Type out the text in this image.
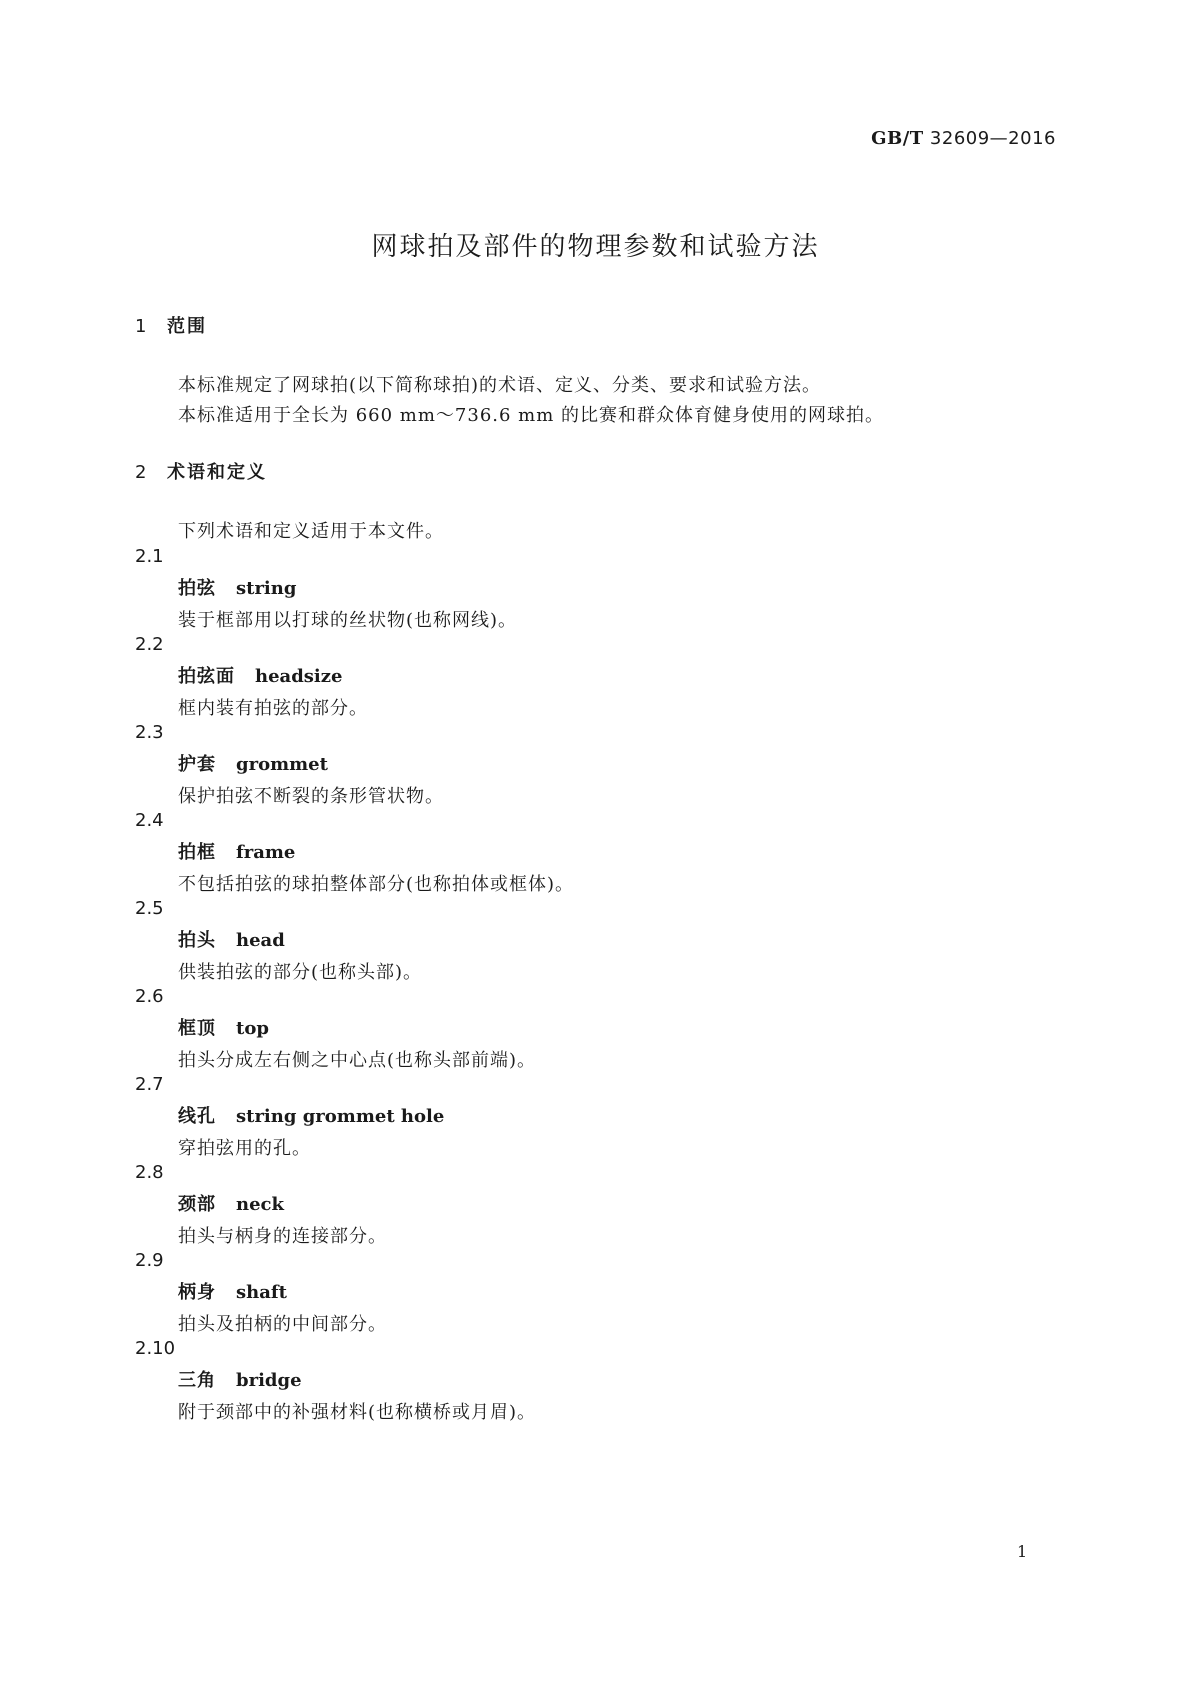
GB/T 32609—2016
网球拍及部件的物理参数和试验方法
1 范围
本标准规定了网球拍(以下简称球拍)的术语、定义、分类、要求和试验方法。
本标准适用于全长为 660 mm～736.6 mm 的比赛和群众体育健身使用的网球拍。
2 术语和定义
下列术语和定义适用于本文件。
2.1
拍弦 string
装于框部用以打球的丝状物(也称网线)。
2.2
拍弦面 headsize
框内装有拍弦的部分。
2.3
护套 grommet
保护拍弦不断裂的条形管状物。
2.4
拍框 frame
不包括拍弦的球拍整体部分(也称拍体或框体)。
2.5
拍头 head
供装拍弦的部分(也称头部)。
2.6
框顶 top
拍头分成左右侧之中心点(也称头部前端)。
2.7
线孔 string grommet hole
穿拍弦用的孔。
2.8
颈部 neck
拍头与柄身的连接部分。
2.9
柄身 shaft
拍头及拍柄的中间部分。
2.10
三角 bridge
附于颈部中的补强材料(也称横桥或月眉)。
1
